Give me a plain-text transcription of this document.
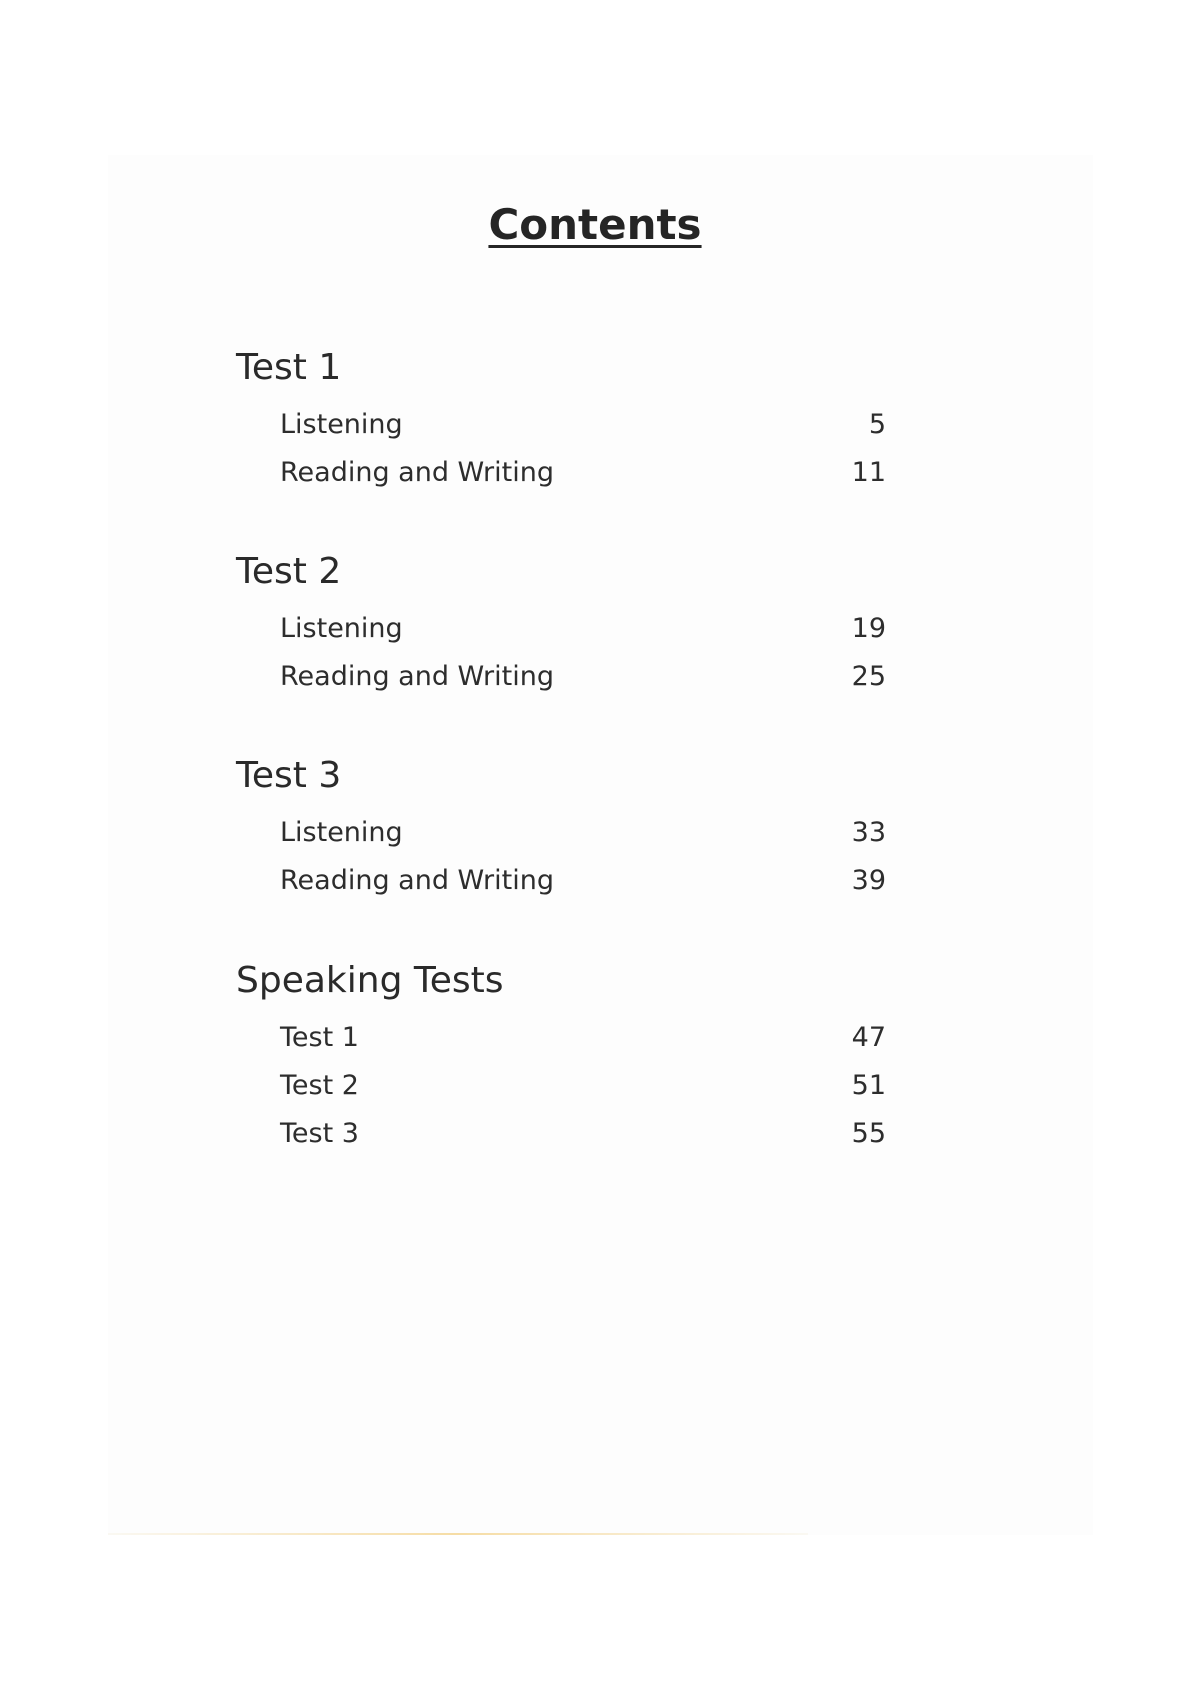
Contents
Test 1
Listening	5
Reading and Writing	11
Test 2
Listening	19
Reading and Writing	25
Test 3
Listening	33
Reading and Writing	39
Speaking Tests
Test 1	47
Test 2	51
Test 3	55
